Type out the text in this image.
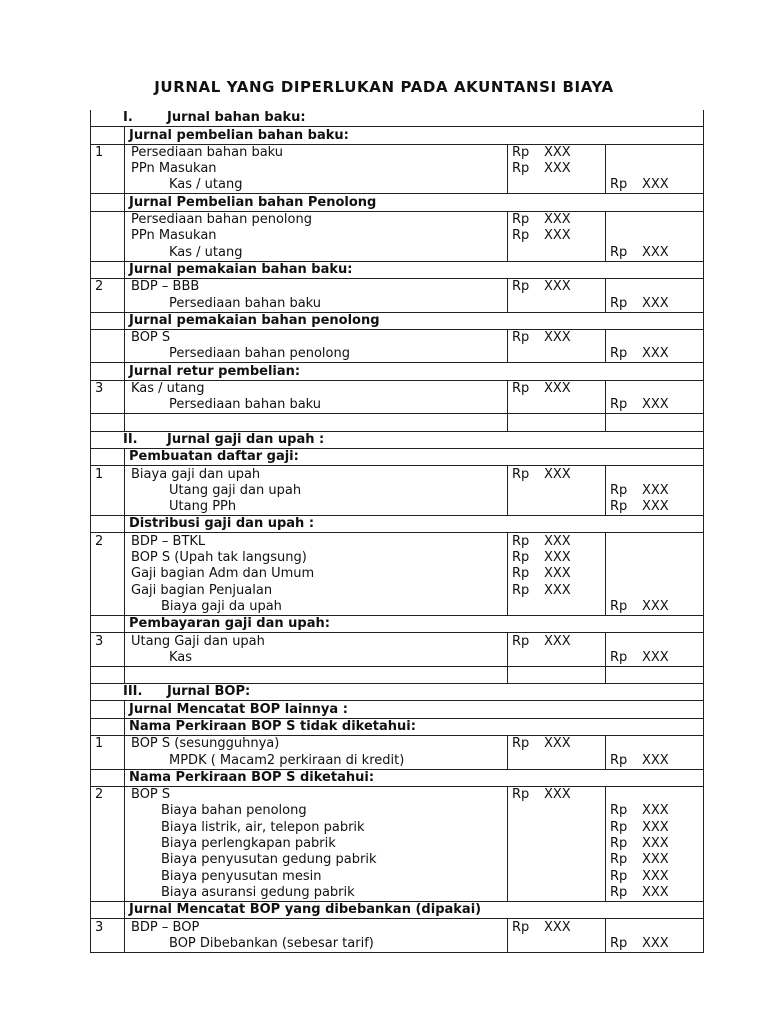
JURNAL YANG DIPERLUKAN PADA AKUNTANSI BIAYA
I. Jurnal bahan baku:			
	Jurnal pembelian bahan baku:		
1	Persediaan bahan baku	Rp XXX	
	PPn Masukan	Rp XXX	
	Kas / utang		Rp XXX
	Jurnal Pembelian bahan Penolong		
	Persediaan bahan penolong	Rp XXX	
	PPn Masukan	Rp XXX	
	Kas / utang		Rp XXX
	Jurnal pemakaian bahan baku:		
2	BDP – BBB	Rp XXX	
	Persediaan bahan baku		Rp XXX
	Jurnal pemakaian bahan penolong		
	BOP S	Rp XXX	
	Persediaan bahan penolong		Rp XXX
	Jurnal retur pembelian:		
3	Kas / utang	Rp XXX	
	Persediaan bahan baku		Rp XXX

II. Jurnal gaji dan upah :			
	Pembuatan daftar gaji:		
1	Biaya gaji dan upah	Rp XXX	
	Utang gaji dan upah		Rp XXX
	Utang PPh		Rp XXX
	Distribusi gaji dan upah :		
2	BDP – BTKL	Rp XXX	
	BOP S (Upah tak langsung)	Rp XXX	
	Gaji bagian Adm dan Umum	Rp XXX	
	Gaji bagian Penjualan	Rp XXX	
	Biaya gaji da upah		Rp XXX
	Pembayaran gaji dan upah:		
3	Utang Gaji dan upah	Rp XXX	
	Kas		Rp XXX

III. Jurnal BOP:			
	Jurnal Mencatat BOP lainnya :		
	Nama Perkiraan BOP S tidak diketahui:		
1	BOP S (sesungguhnya)	Rp XXX	
	MPDK ( Macam2 perkiraan di kredit)		Rp XXX
	Nama Perkiraan BOP S diketahui:		
2	BOP S	Rp XXX	
	Biaya bahan penolong		Rp XXX
	Biaya listrik, air, telepon pabrik		Rp XXX
	Biaya perlengkapan pabrik		Rp XXX
	Biaya penyusutan gedung pabrik		Rp XXX
	Biaya penyusutan mesin		Rp XXX
	Biaya asuransi gedung pabrik		Rp XXX
	Jurnal Mencatat BOP yang dibebankan (dipakai)		
3	BDP – BOP	Rp XXX	
	BOP Dibebankan (sebesar tarif)		Rp XXX
